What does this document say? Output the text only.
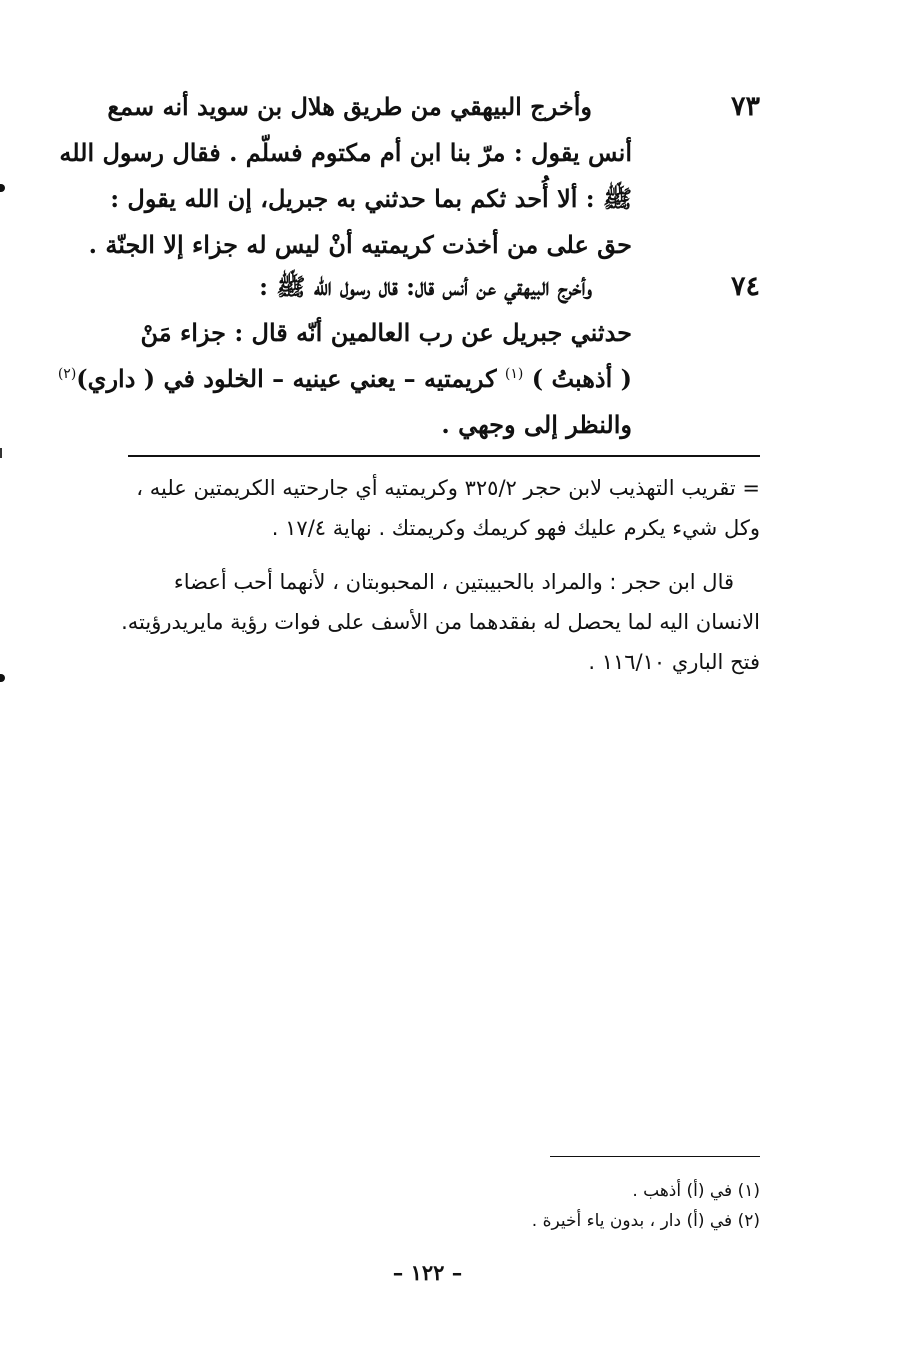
٧٣
وأخرج البيهقي من طريق هلال بن سويد أنه سمع
أنس يقول : مرّ بنا ابن أم مكتوم فسلّم . فقال رسول الله
ﷺ : ألا أُحد ثكم بما حدثني به جبريل، إن الله يقول :
حق على من أخذت كريمتيه أنْ ليس له جزاء إلا الجنّة .
٧٤
وأخرج البيهقي عن أنس قال: قال رسول الله ﷺ :
حدثني جبريل عن رب العالمين أنّه قال : جزاء مَنْ
( أذهبتُ ) $^{(١)}$ كريمتيه – يعني عينيه – الخلود في ( داري)$^{(٢)}$
والنظر إلى وجهي .
= تقريب التهذيب لابن حجر ٣٢٥/٢ وكريمتيه أي جارحتيه الكريمتين عليه ،
وكل شيء يكرم عليك فهو كريمك وكريمتك . نهاية ١٧/٤ .
قال ابن حجر : والمراد بالحبيبتين ، المحبوبتان ، لأنهما أحب أعضاء
الانسان اليه لما يحصل له بفقدهما من الأسف على فوات رؤية مايريدرؤيته.
فتح الباري ١١٦/١٠ .
(١) في (أ) أذهب .
(٢) في (أ) دار ، بدون ياء أخيرة .
– ١٢٢ –
